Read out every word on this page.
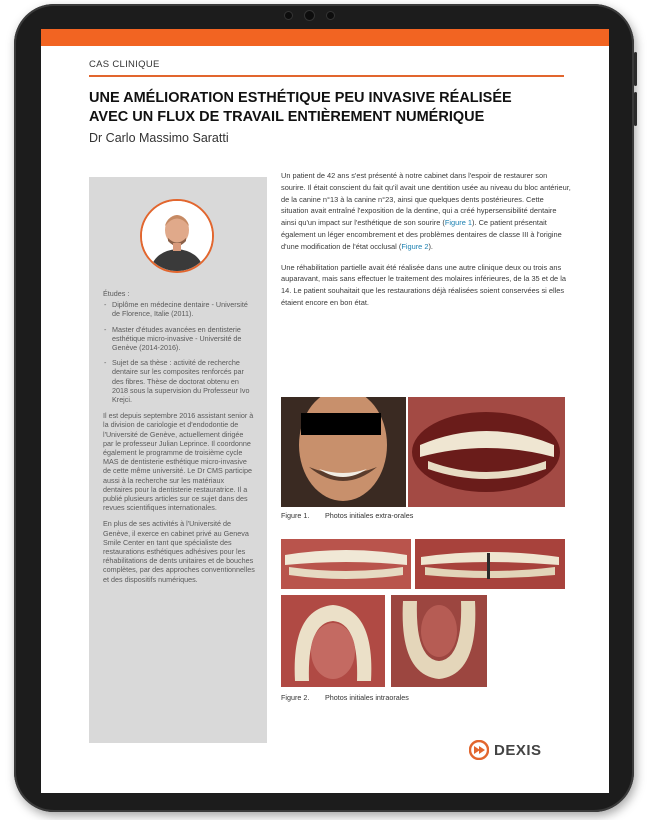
CAS CLINIQUE
UNE AMÉLIORATION ESTHÉTIQUE PEU INVASIVE RÉALISÉE
AVEC UN FLUX DE TRAVAIL ENTIÈREMENT NUMÉRIQUE
Dr Carlo Massimo Saratti
Études :
- Diplôme en médecine dentaire - Université de Florence, Italie (2011).
- Master d'études avancées en dentisterie esthétique micro-invasive - Université de Genève (2014-2016).
- Sujet de sa thèse : activité de recherche dentaire sur les composites renforcés par des fibres. Thèse de doctorat obtenu en 2018 sous la supervision du Professeur Ivo Krejci.

Il est depuis septembre 2016 assistant senior à la division de cariologie et d'endodontie de l'Université de Genève, actuellement dirigée par le professeur Julian Leprince. Il coordonne également le programme de troisième cycle MAS de dentisterie esthétique micro-invasive de cette même université. Le Dr CMS participe aussi à la recherche sur les matériaux dentaires pour la dentisterie restauratrice. Il a publié plusieurs articles sur ce sujet dans des revues scientifiques internationales.

En plus de ses activités à l'Université de Genève, il exerce en cabinet privé au Geneva Smile Center en tant que spécialiste des restaurations esthétiques adhésives pour les réhabilitations de dents unitaires et de bouches complètes, par des approches conventionnelles et des dispositifs numériques.

Un patient de 42 ans s'est présenté à notre cabinet dans l'espoir de restaurer son sourire. Il était conscient du fait qu'il avait une dentition usée au niveau du bloc antérieur, de la canine n°13 à la canine n°23, ainsi que quelques dents postérieures. Cette situation avait entraîné l'exposition de la dentine, qui a créé hypersensibilité dentaire ainsi qu'un impact sur l'esthétique de son sourire (Figure 1). Ce patient présentait également un léger encombrement et des problèmes dentaires de classe III à l'origine d'une modification de l'état occlusal (Figure 2).

Une réhabilitation partielle avait été réalisée dans une autre clinique deux ou trois ans auparavant, mais sans effectuer le traitement des molaires inférieures, de la 35 et de la 14. Le patient souhaitait que les restaurations déjà réalisées soient conservées si elles étaient encore en bon état.

Figure 1. Photos initiales extra-orales
Figure 2. Photos initiales intraorales
DEXIS
